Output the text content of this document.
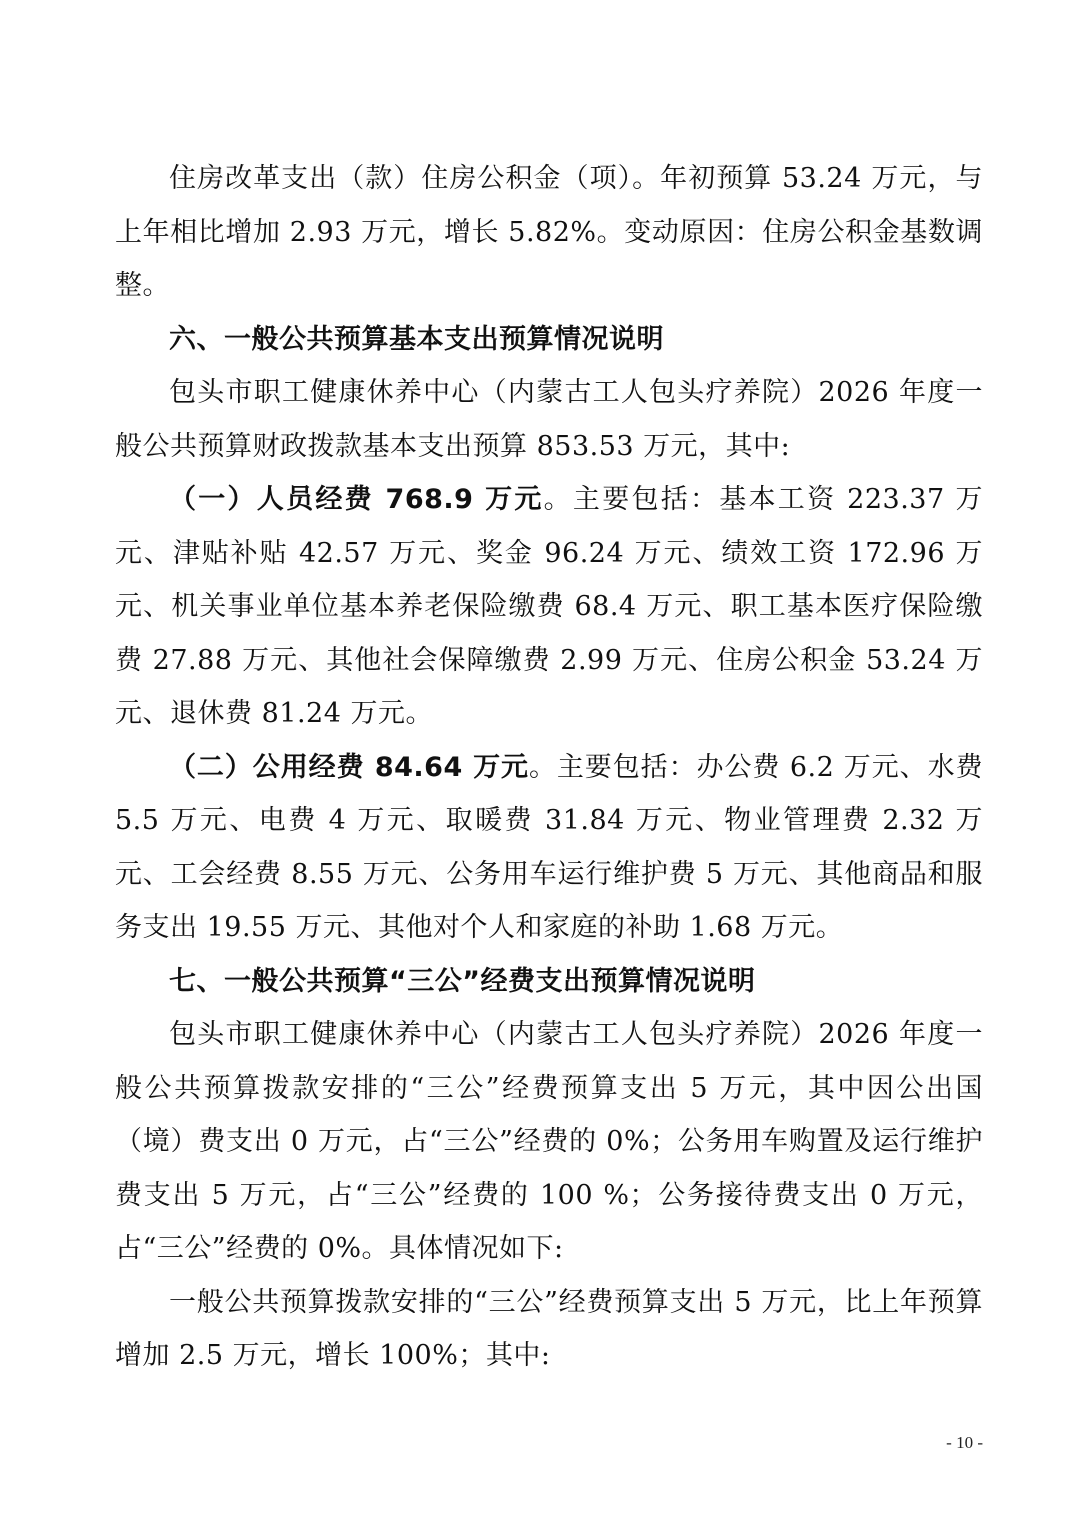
住房改革支出（款）住房公积金（项）。年初预算 53.24 万元，与上年相比增加 2.93 万元，增长 5.82%。变动原因：住房公积金基数调整。

六、一般公共预算基本支出预算情况说明

包头市职工健康休养中心（内蒙古工人包头疗养院）2026 年度一般公共预算财政拨款基本支出预算 853.53 万元，其中:

（一）人员经费 768.9 万元。主要包括：基本工资 223.37 万元、津贴补贴 42.57 万元、奖金 96.24 万元、绩效工资 172.96 万元、机关事业单位基本养老保险缴费 68.4 万元、职工基本医疗保险缴费 27.88 万元、其他社会保障缴费 2.99 万元、住房公积金 53.24 万元、退休费 81.24 万元。

（二）公用经费 84.64 万元。主要包括：办公费 6.2 万元、水费 5.5 万元、电费 4 万元、取暖费 31.84 万元、物业管理费 2.32 万元、工会经费 8.55 万元、公务用车运行维护费 5 万元、其他商品和服务支出 19.55 万元、其他对个人和家庭的补助 1.68 万元。

七、一般公共预算“三公”经费支出预算情况说明

包头市职工健康休养中心（内蒙古工人包头疗养院）2026 年度一般公共预算拨款安排的“三公”经费预算支出 5 万元，其中因公出国（境）费支出 0 万元，占“三公”经费的 0%；公务用车购置及运行维护费支出 5 万元，占“三公”经费的 100 %；公务接待费支出 0 万元，占“三公”经费的 0%。具体情况如下:

一般公共预算拨款安排的“三公”经费预算支出 5 万元，比上年预算增加 2.5 万元，增长 100%；其中:

- 10 -
